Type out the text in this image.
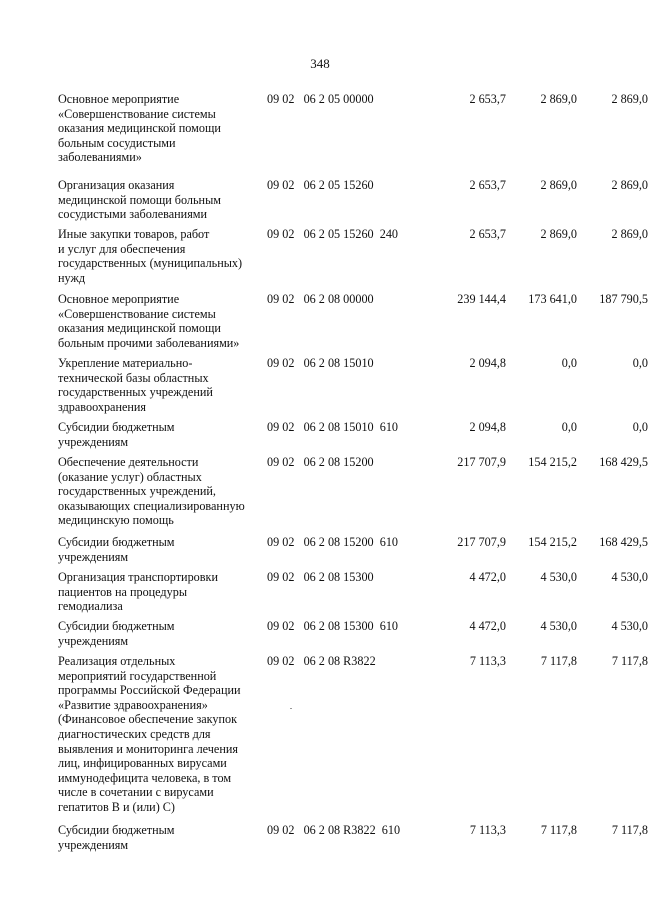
348
Основное мероприятие
«Совершенствование системы
оказания медицинской помощи
больным сосудистыми
заболеваниями»
09 02   06 2 05 00000	2 653,7	2 869,0	2 869,0
Организация оказания
медицинской помощи больным
сосудистыми заболеваниями
09 02   06 2 05 15260	2 653,7	2 869,0	2 869,0
Иные закупки товаров, работ
и услуг для обеспечения
государственных (муниципальных)
нужд
09 02   06 2 05 15260  240	2 653,7	2 869,0	2 869,0
Основное мероприятие
«Совершенствование системы
оказания медицинской помощи
больным прочими заболеваниями»
09 02   06 2 08 00000	239 144,4	173 641,0	187 790,5
Укрепление материально-
технической базы областных
государственных учреждений
здравоохранения
09 02   06 2 08 15010	2 094,8	0,0	0,0
Субсидии бюджетным
учреждениям
09 02   06 2 08 15010  610	2 094,8	0,0	0,0
Обеспечение деятельности
(оказание услуг) областных
государственных учреждений,
оказывающих специализированную
медицинскую помощь
09 02   06 2 08 15200	217 707,9	154 215,2	168 429,5
Субсидии бюджетным
учреждениям
09 02   06 2 08 15200  610	217 707,9	154 215,2	168 429,5
Организация транспортировки
пациентов на процедуры
гемодиализа
09 02   06 2 08 15300	4 472,0	4 530,0	4 530,0
Субсидии бюджетным
учреждениям
09 02   06 2 08 15300  610	4 472,0	4 530,0	4 530,0
Реализация отдельных
мероприятий государственной
программы Российской Федерации
«Развитие здравоохранения»
(Финансовое обеспечение закупок
диагностических средств для
выявления и мониторинга лечения
лиц, инфицированных вирусами
иммунодефицита человека, в том
числе в сочетании с вирусами
гепатитов B и (или) C)
09 02   06 2 08 R3822	7 113,3	7 117,8	7 117,8
Субсидии бюджетным
учреждениям
09 02   06 2 08 R3822  610	7 113,3	7 117,8	7 117,8
